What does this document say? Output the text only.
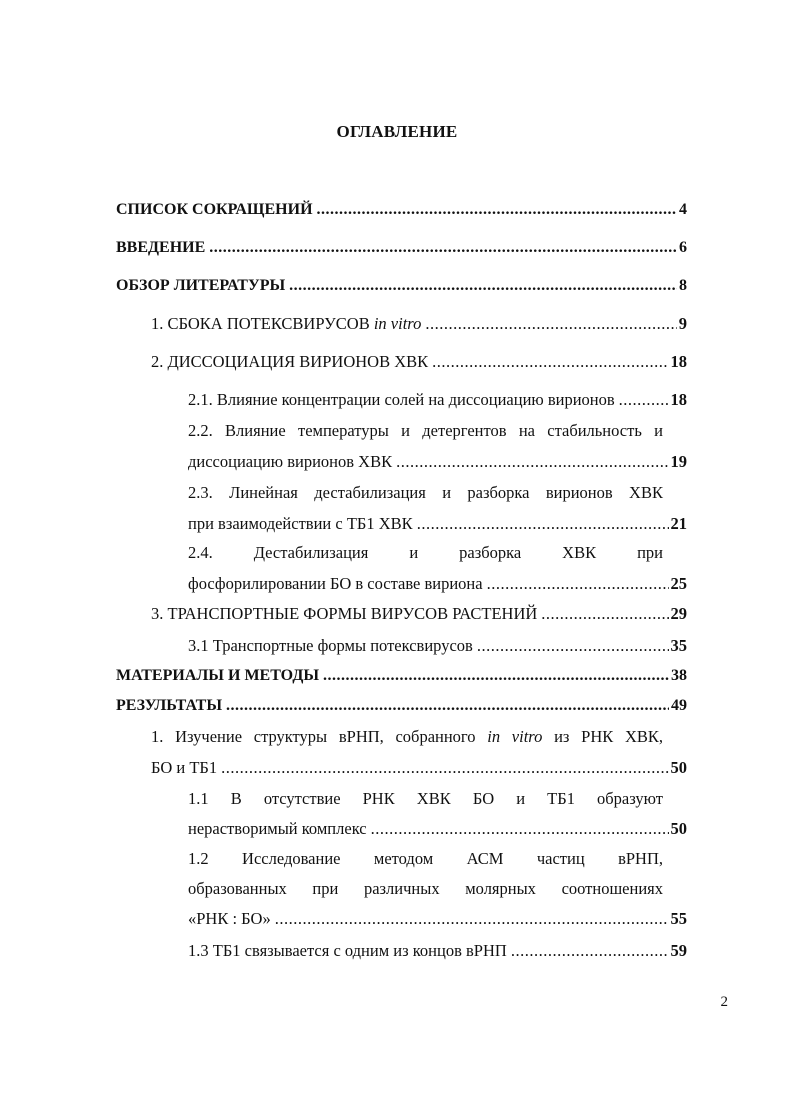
ОГЛАВЛЕНИЕ
СПИСОК СОКРАЩЕНИЙ .....	4
ВВЕДЕНИЕ .....	6
ОБЗОР ЛИТЕРАТУРЫ .....	8
1. СБОКА ПОТЕКСВИРУСОВ in vitro .....	9
2. ДИССОЦИАЦИЯ ВИРИОНОВ ХВК .....	18
2.1. Влияние концентрации солей на диссоциацию вирионов .....	18
2.2. Влияние температуры и детергентов на стабильность и
диссоциацию вирионов ХВК .....	19
2.3. Линейная дестабилизация и разборка вирионов ХВК
при взаимодействии с ТБ1 ХВК .....	21
2.4. Дестабилизация и разборка ХВК при
фосфорилировании БО в составе вириона .....	25
3. ТРАНСПОРТНЫЕ ФОРМЫ ВИРУСОВ РАСТЕНИЙ .....	29
3.1 Транспортные формы потексвирусов .....	35
МАТЕРИАЛЫ И МЕТОДЫ .....	38
РЕЗУЛЬТАТЫ .....	49
1. Изучение структуры вРНП, собранного in vitro из РНК ХВК,
БО и ТБ1 .....	50
1.1 В отсутствие РНК ХВК БО и ТБ1 образуют
нерастворимый комплекс .....	50
1.2 Исследование методом АСМ частиц вРНП,
образованных при различных молярных соотношениях
«РНК : БО» .....	55
1.3 ТБ1 связывается с одним из концов вРНП .....	59
2
